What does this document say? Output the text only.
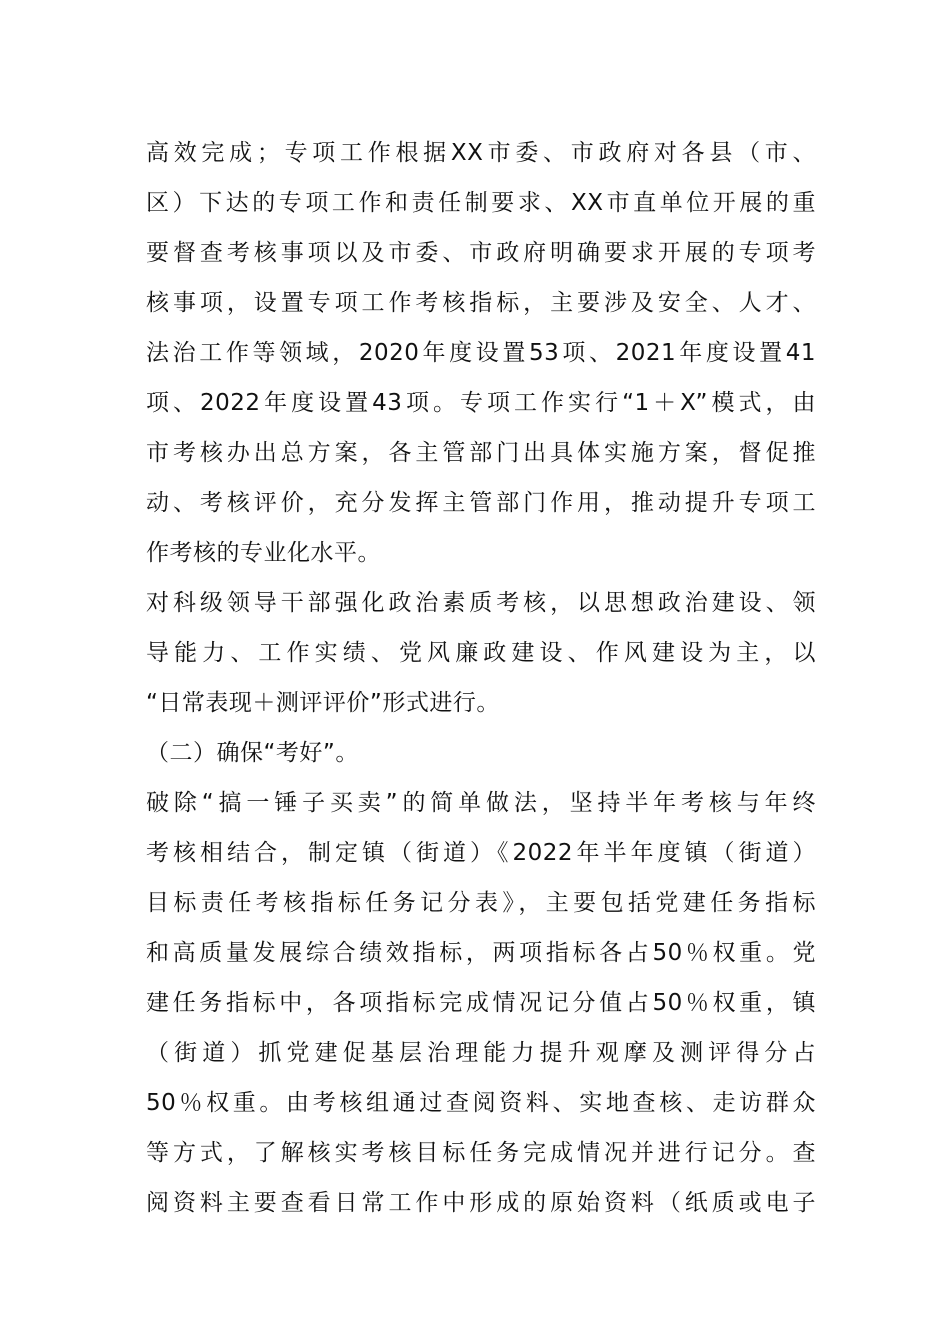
高效完成；专项工作根据XX市委、市政府对各县（市、
区）下达的专项工作和责任制要求、XX市直单位开展的重
要督查考核事项以及市委、市政府明确要求开展的专项考
核事项，设置专项工作考核指标，主要涉及安全、人才、
法治工作等领域，2020年度设置53项、2021年度设置41
项、2022年度设置43项。专项工作实行“1＋X”模式，由
市考核办出总方案，各主管部门出具体实施方案，督促推
动、考核评价，充分发挥主管部门作用，推动提升专项工
作考核的专业化水平。
对科级领导干部强化政治素质考核，以思想政治建设、领
导能力、工作实绩、党风廉政建设、作风建设为主，以
“日常表现＋测评评价”形式进行。
（二）确保“考好”。
破除“搞一锤子买卖”的简单做法，坚持半年考核与年终
考核相结合，制定镇（街道）《2022年半年度镇（街道）
目标责任考核指标任务记分表》，主要包括党建任务指标
和高质量发展综合绩效指标，两项指标各占50％权重。党
建任务指标中，各项指标完成情况记分值占50％权重，镇
（街道）抓党建促基层治理能力提升观摩及测评得分占
50％权重。由考核组通过查阅资料、实地查核、走访群众
等方式，了解核实考核目标任务完成情况并进行记分。查
阅资料主要查看日常工作中形成的原始资料（纸质或电子
